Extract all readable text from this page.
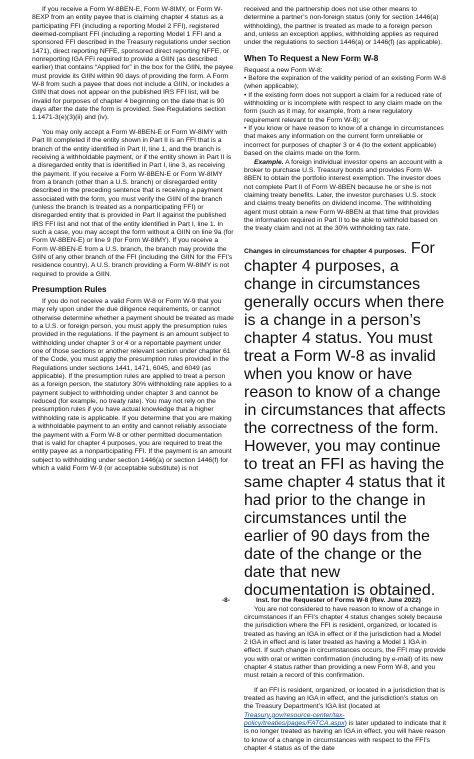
If you receive a Form W-8BEN-E, Form W-8IMY, or Form W-8EXP from an entity payee that is claiming chapter 4 status as a participating FFI (including a reporting Model 2 FFI), registered deemed-compliant FFI (including a reporting Model 1 FFI and a sponsored FFI described in the Treasury regulations under section 1471), direct reporting NFFE, sponsored direct reporting NFFE, or nonreporting IGA FFI required to provide a GIIN (as described earlier) that contains “Applied for” in the box for the GIIN, the payee must provide its GIIN within 90 days of providing the form. A Form W-8 from such a payee that does not include a GIIN, or includes a GIIN that does not appear on the published IRS FFI list, will be invalid for purposes of chapter 4 beginning on the date that is 90 days after the date the form is provided. See Regulations section 1.1471-3(e)(3)(ii) and (iv).

You may only accept a Form W-8BEN-E or Form W-8IMY with Part III completed if the entity shown in Part II is an FFI that is a branch of the entity identified in Part II, line 1, and the branch is receiving a withholdable payment, or if the entity shown in Part II is a disregarded entity that is identified in Part I, line 3, as receiving the payment. If you receive a Form W-8BEN-E or Form W-8IMY from a branch (other than a U.S. branch) or disregarded entity described in the preceding sentence that is receiving a payment associated with the form, you must verify the GIIN of the branch (unless the branch is treated as a nonparticipating FFI) or disregarded entity that is provided in Part II against the published IRS FFI list and not that of the entity identified in Part I, line 1. In such a case, you may accept the form without a GIIN on line 9a (for Form W-8BEN-E) or line 9 (for Form W-8IMY). If you receive a Form W-8BEN-E from a U.S. branch, the branch may provide the GIIN of any other branch of the FFI (including the GIIN for the FFI’s residence country). A U.S. branch providing a Form W-8IMY is not required to provide a GIIN.

Presumption Rules

If you do not receive a valid Form W-8 or Form W-9 that you may rely upon under the due diligence requirements, or cannot otherwise determine whether a payment should be treated as made to a U.S. or foreign person, you must apply the presumption rules provided in the regulations. If the payment is an amount subject to withholding under chapter 3 or 4 or a reportable payment under one of those sections or another relevant section under chapter 61 of the Code, you must apply the presumption rules provided in the Regulations under sections 1441, 1471, 6045, and 6049 (as applicable). If the presumption rules are applied to treat a person as a foreign person, the statutory 30% withholding rate applies to a payment subject to withholding under chapter 3 and cannot be reduced (for example, no treaty rate). You may not rely on the presumption rules if you have actual knowledge that a higher withholding rate is applicable. If you determine that you are making a withholdable payment to an entity and cannot reliably associate the payment with a Form W-8 or other permitted documentation that is valid for chapter 4 purposes, you are required to treat the entity payee as a nonparticipating FFI. If the payment is an amount subject to withholding under section 1446(a) or section 1446(f) for which a valid Form W-9 (or acceptable substitute) is not

received and the partnership does not use other means to determine a partner’s non-foreign status (only for section 1446(a) withholding), the partner is treated as made to a foreign person and, unless an exception applies, withholding applies as required under the regulations to section 1446(a) or 1446(f) (as applicable).

When To Request a New Form W-8
Request a new Form W-8:
• Before the expiration of the validity period of an existing Form W-8 (when applicable);
• If the existing form does not support a claim for a reduced rate of withholding or is incomplete with respect to any claim made on the form (such as it may, for example, from a new regulatory requirement relevant to the Form W-8); or
• If you know or have reason to know of a change in circumstances that makes any information on the current form unreliable or incorrect for purposes of chapter 3 or 4 (to the extent applicable) based on the claims made on the form.

Example. A foreign individual investor opens an account with a broker to purchase U.S. Treasury bonds and provides Form W-8BEN to obtain the portfolio interest exemption. The investor does not complete Part II of Form W-8BEN because he or she is not claiming treaty benefits. Later, the investor purchases U.S. stock and claims treaty benefits on dividend income. The withholding agent must obtain a new Form W-8BEN at that time that provides the information required in Part II to be able to withhold based on the treaty claim and not at the 30% withholding tax rate.

Changes in circumstances for chapter 4 purposes. For chapter 4 purposes, a change in circumstances generally occurs when there is a change in a person’s chapter 4 status. You must treat a Form W-8 as invalid when you know or have reason to know of a change in circumstances that affects the correctness of the form. However, you may continue to treat an FFI as having the same chapter 4 status that it had prior to the change in circumstances until the earlier of 90 days from the date of the change or the date that new documentation is obtained.

You are not considered to have reason to know of a change in circumstances if an FFI’s chapter 4 status changes solely because the jurisdiction where the FFI is resident, organized, or located is treated as having an IGA in effect or if the jurisdiction had a Model 2 IGA in effect and is later treated as having a Model 1 IGA in effect. If such change in circumstances occurs, the FFI may provide you with oral or written confirmation (including by e-mail) of its new chapter 4 status rather than providing a new Form W-8, and you must retain a record of this confirmation.

If an FFI is resident, organized, or located in a jurisdiction that is treated as having an IGA in effect, and the jurisdiction’s status on the Treasury Department’s IGA list (located at Treasury.gov/resource-center/tax-policy/treaties/pages/FATCA.aspx) is later updated to indicate that it is no longer treated as having an IGA in effect, you will have reason to know of a change in circumstances with respect to the FFI’s chapter 4 status as of the date

-8-	Inst. for the Requester of Forms W-8 (Rev. June 2022)
